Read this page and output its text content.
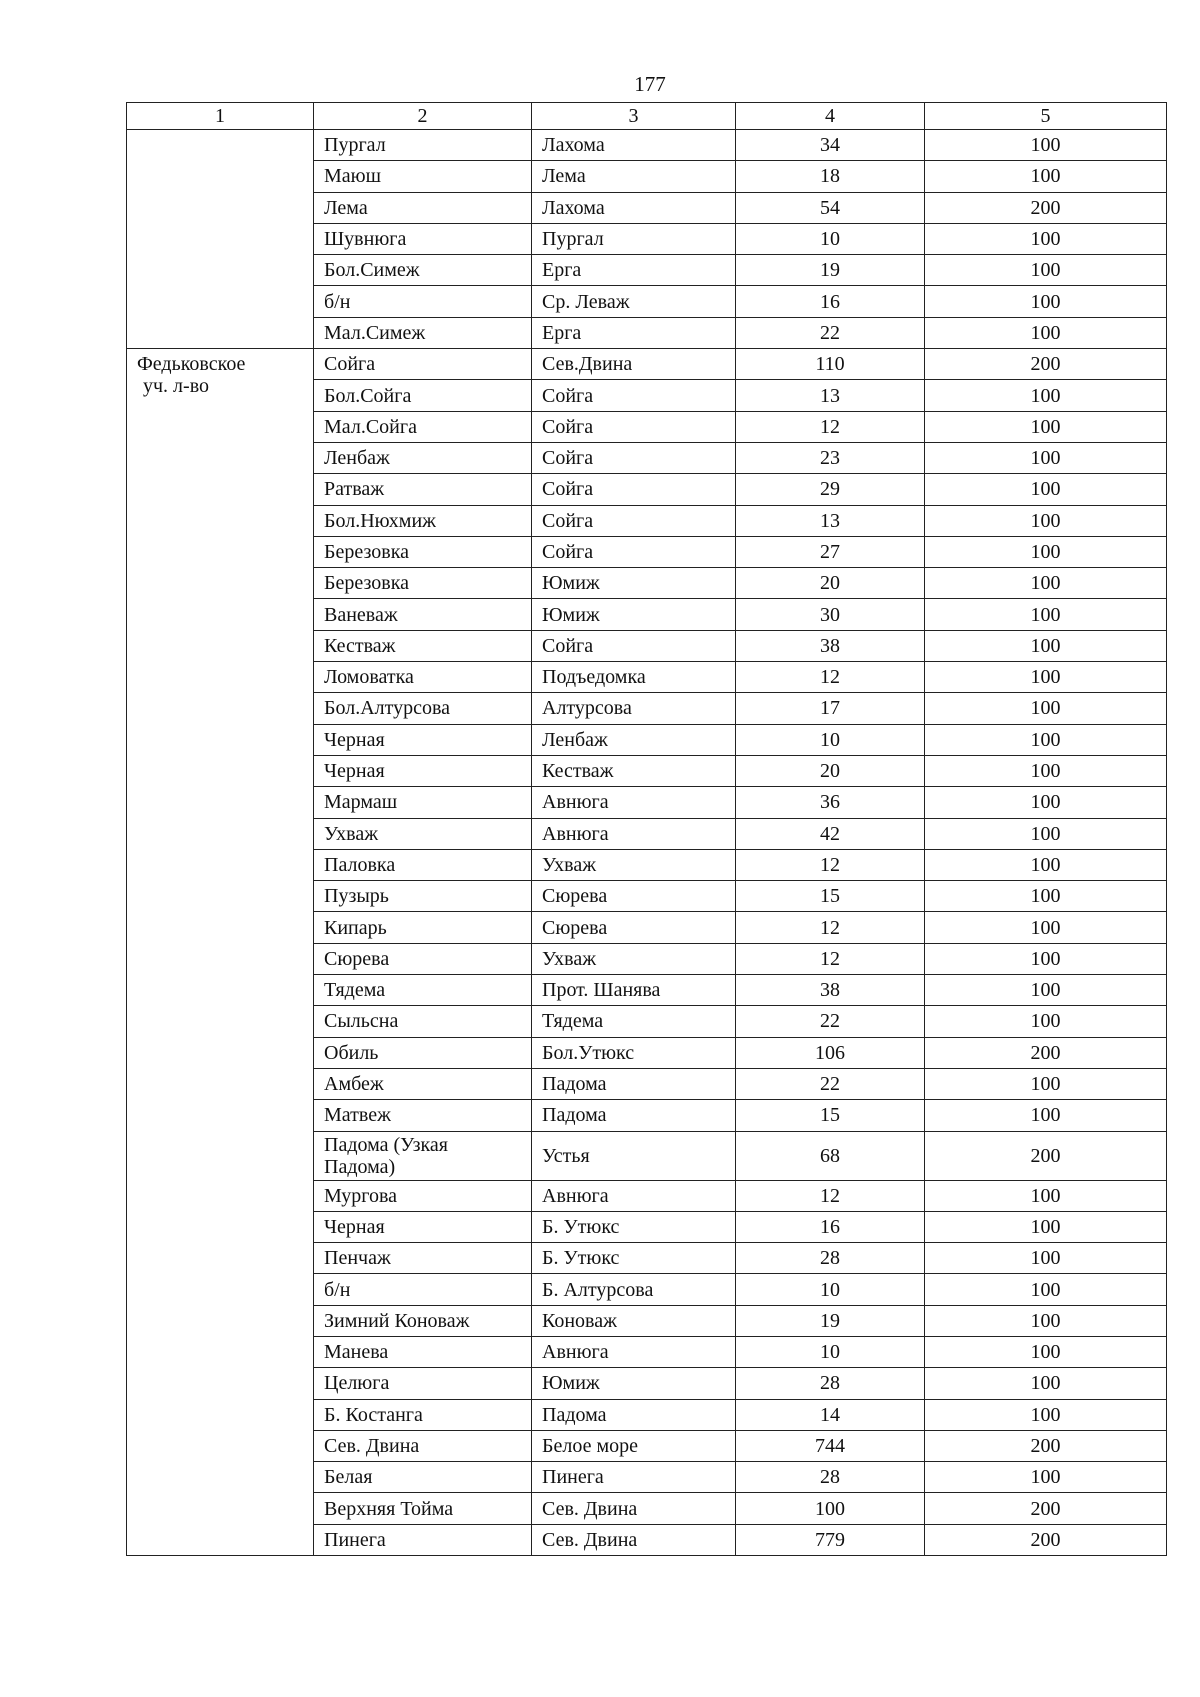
177
1	2	3	4	5

	Пургал	Лахома	34	100
	Маюш	Лема	18	100
	Лема	Лахома	54	200
	Шувнюга	Пургал	10	100
	Бол.Симеж	Ерга	19	100
	б/н	Ср. Леваж	16	100
	Мал.Симеж	Ерга	22	100

Федьковское
уч. л-во	Сойга	Сев.Двина	110	200
	Бол.Сойга	Сойга	13	100
	Мал.Сойга	Сойга	12	100
	Ленбаж	Сойга	23	100
	Ратваж	Сойга	29	100
	Бол.Нюхмиж	Сойга	13	100
	Березовка	Сойга	27	100
	Березовка	Юмиж	20	100
	Ваневаж	Юмиж	30	100
	Кестваж	Сойга	38	100
	Ломоватка	Подъедомка	12	100
	Бол.Алтурсова	Алтурсова	17	100
	Черная	Ленбаж	10	100
	Черная	Кестваж	20	100
	Мармаш	Авнюга	36	100
	Ухваж	Авнюга	42	100
	Паловка	Ухваж	12	100
	Пузырь	Сюрева	15	100
	Кипарь	Сюрева	12	100
	Сюрева	Ухваж	12	100
	Тядема	Прот. Шанява	38	100
	Сыльсна	Тядема	22	100
	Обиль	Бол.Утюкс	106	200
	Амбеж	Падома	22	100
	Матвеж	Падома	15	100
	Падома (Узкая Падома)	Устья	68	200
	Мургова	Авнюга	12	100
	Черная	Б. Утюкс	16	100
	Пенчаж	Б. Утюкс	28	100
	б/н	Б. Алтурсова	10	100
	Зимний Коноваж	Коноваж	19	100
	Манева	Авнюга	10	100
	Целюга	Юмиж	28	100
	Б. Костанга	Падома	14	100
	Сев. Двина	Белое море	744	200
	Белая	Пинега	28	100
	Верхняя Тойма	Сев. Двина	100	200
	Пинега	Сев. Двина	779	200
